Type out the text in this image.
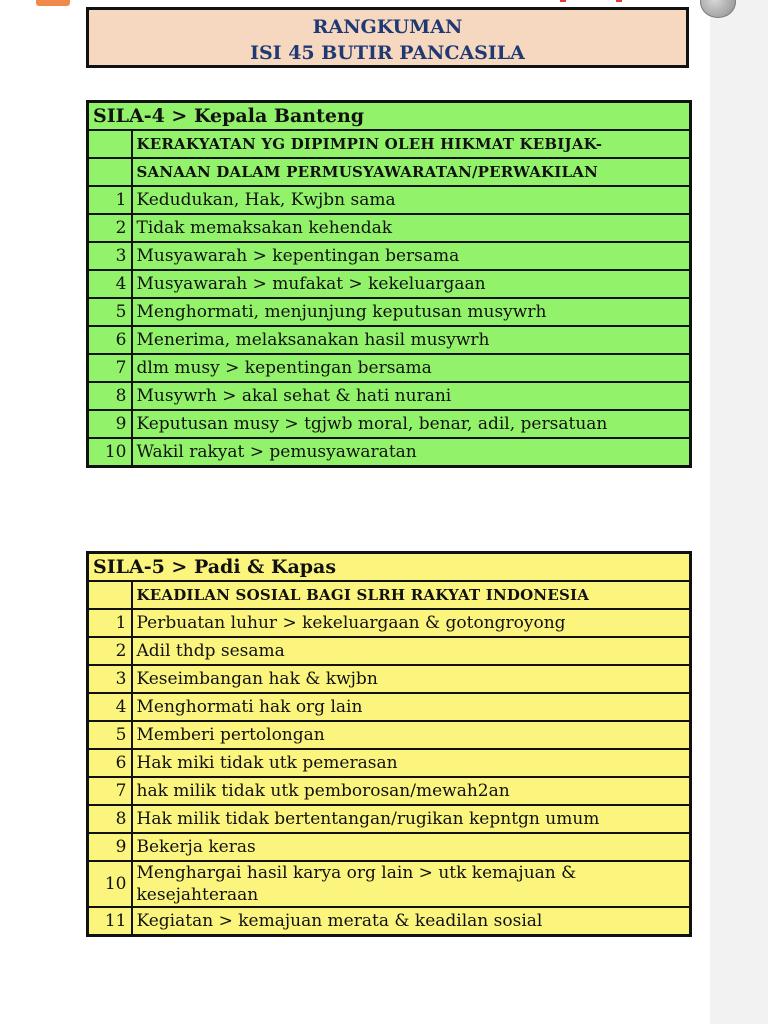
RANGKUMAN
ISI 45 BUTIR PANCASILA
SILA-4 > Kepala Banteng	
	KERAKYATAN YG DIPIMPIN OLEH HIKMAT KEBIJAK-
	SANAAN DALAM PERMUSYAWARATAN/PERWAKILAN
1	Kedudukan, Hak, Kwjbn sama
2	Tidak memaksakan kehendak
3	Musyawarah > kepentingan bersama
4	Musyawarah > mufakat > kekeluargaan
5	Menghormati, menjunjung keputusan musywrh
6	Menerima, melaksanakan hasil musywrh
7	dlm musy > kepentingan bersama
8	Musywrh > akal sehat & hati nurani
9	Keputusan musy > tgjwb moral, benar, adil, persatuan
10	Wakil rakyat > pemusyawaratan
SILA-5 > Padi & Kapas	
	KEADILAN SOSIAL BAGI SLRH RAKYAT INDONESIA
1	Perbuatan luhur > kekeluargaan & gotongroyong
2	Adil thdp sesama
3	Keseimbangan hak & kwjbn
4	Menghormati hak org lain
5	Memberi pertolongan
6	Hak miki tidak utk pemerasan
7	hak milik tidak utk pemborosan/mewah2an
8	Hak milik tidak bertentangan/rugikan kepntgn umum
9	Bekerja keras
10	Menghargai hasil karya org lain > utk kemajuan & kesejahteraan
11	Kegiatan > kemajuan merata & keadilan sosial
